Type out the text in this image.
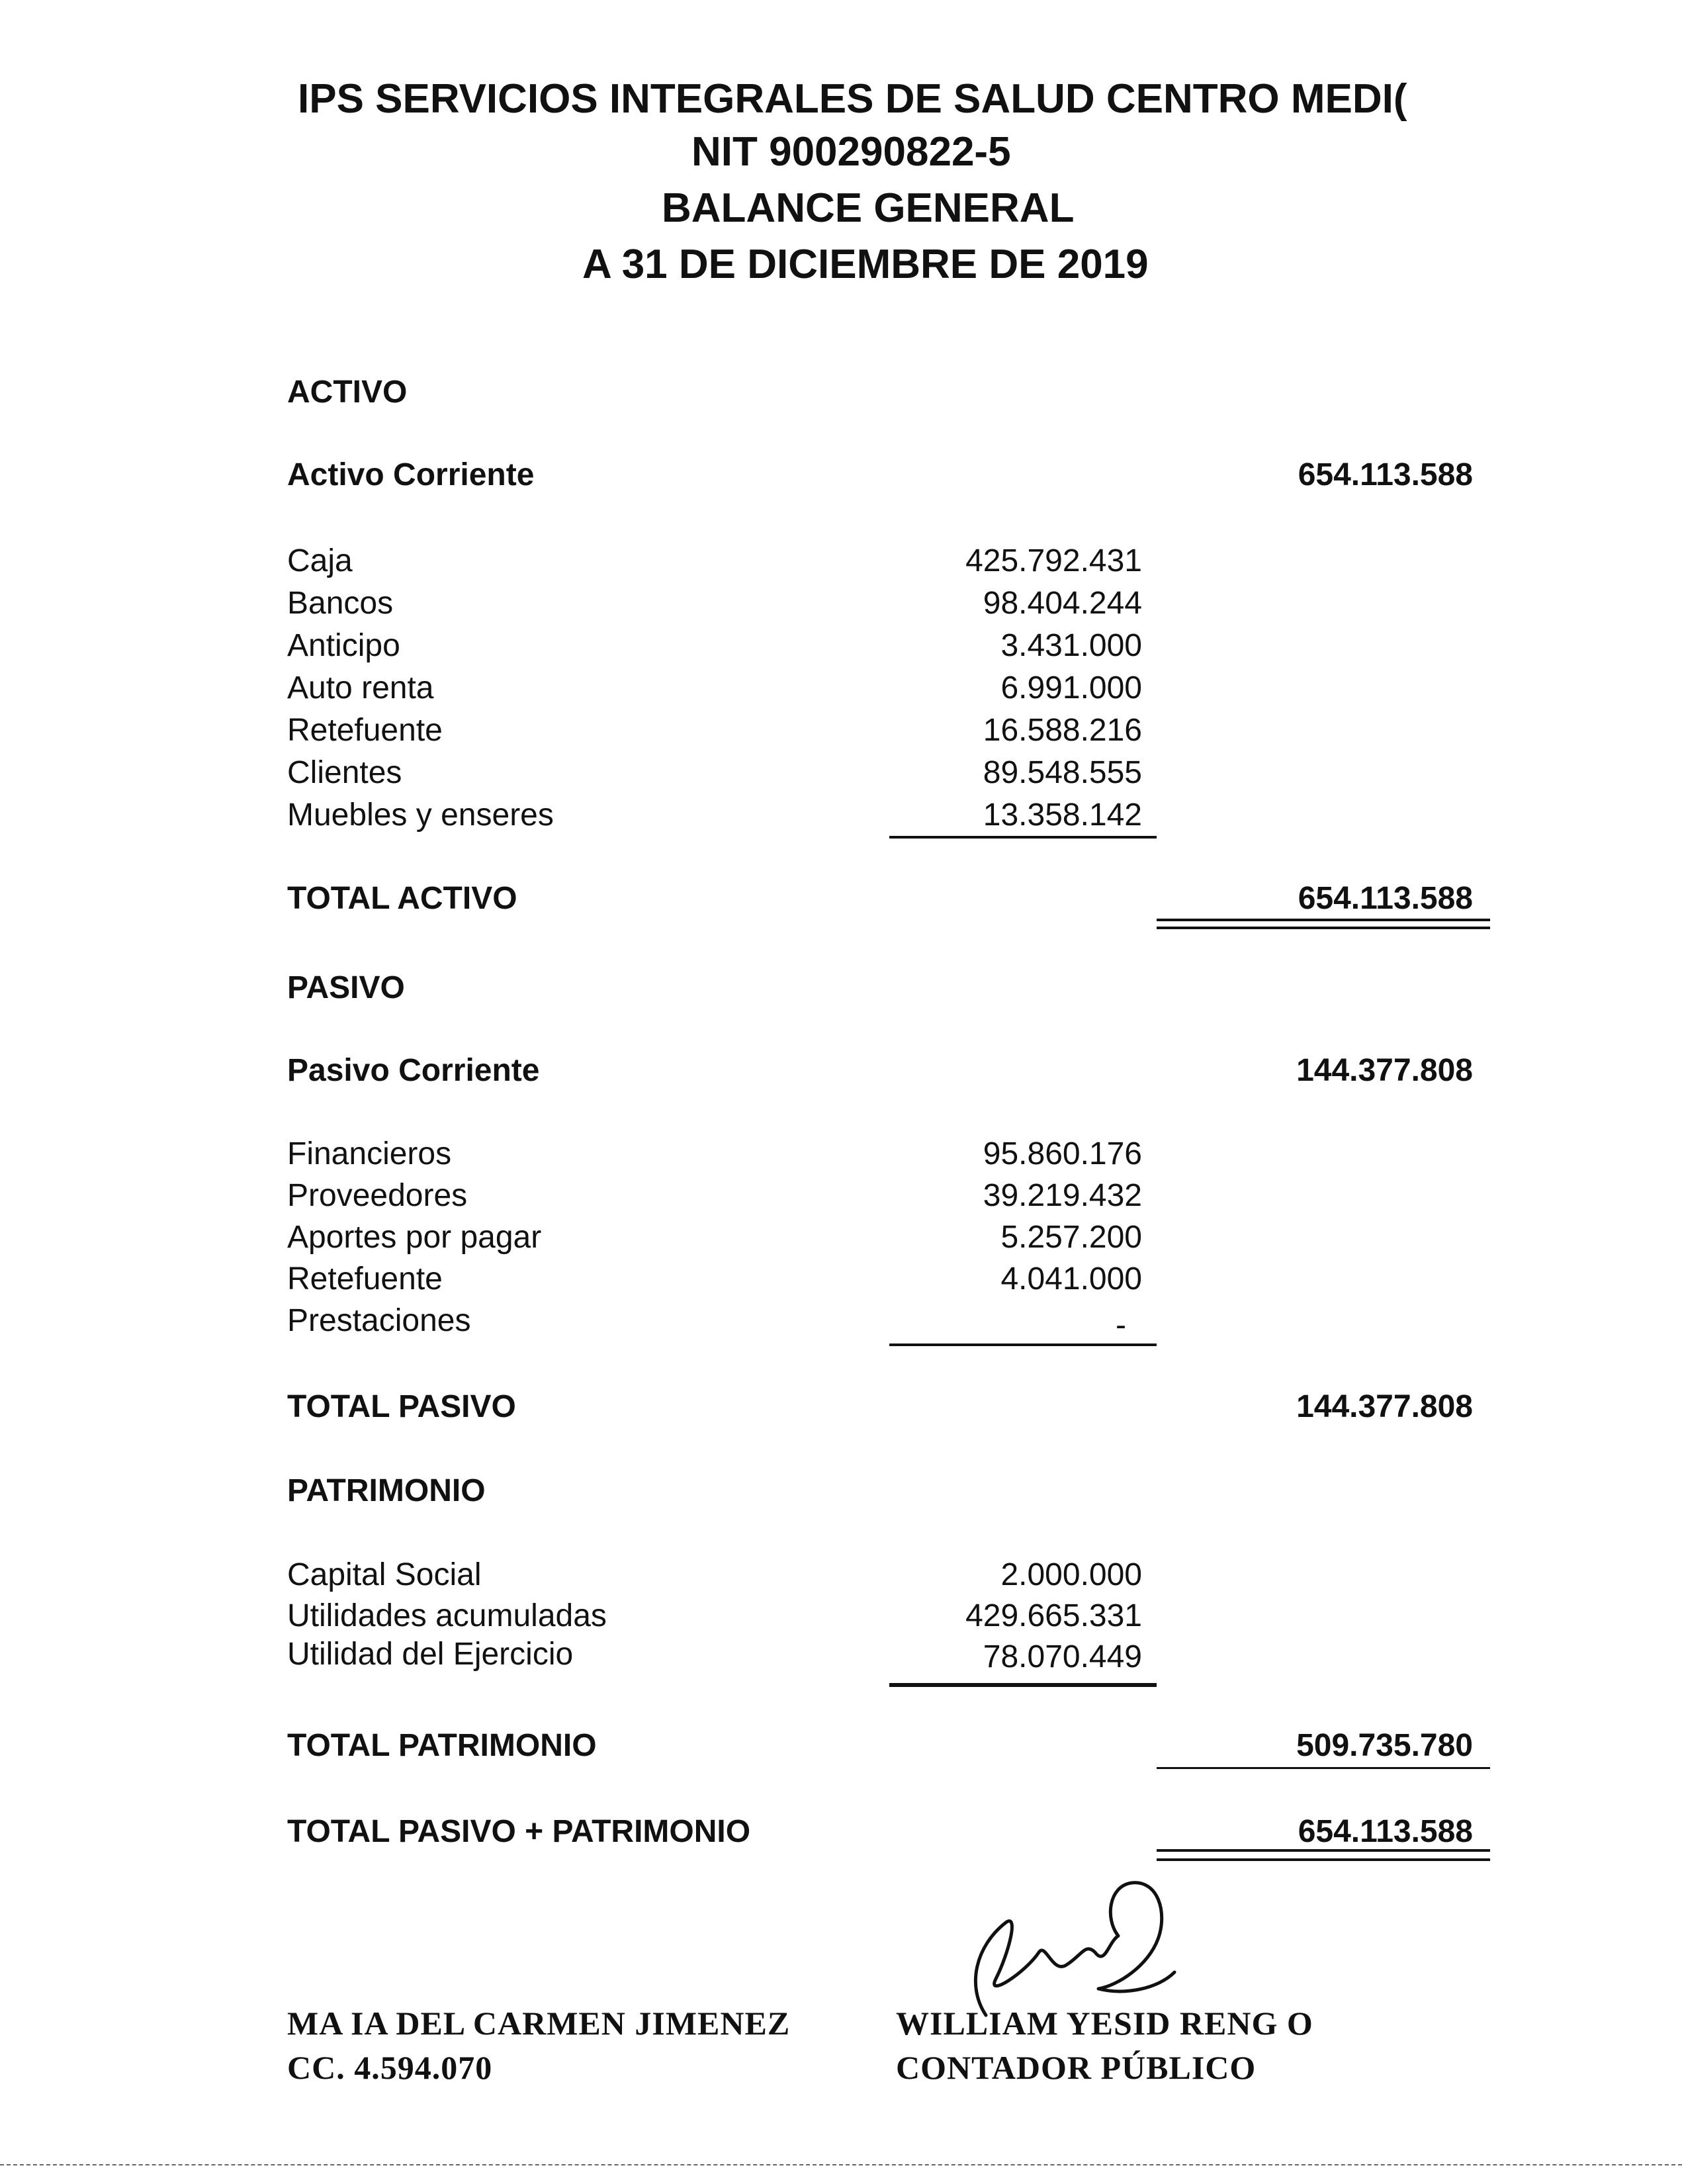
IPS SERVICIOS INTEGRALES DE SALUD CENTRO MEDI(
NIT 900290822-5
BALANCE GENERAL
A 31 DE DICIEMBRE DE 2019
ACTIVO
Activo Corriente	654.113.588
Caja	425.792.431
Bancos	98.404.244
Anticipo	3.431.000
Auto renta	6.991.000
Retefuente	16.588.216
Clientes	89.548.555
Muebles y enseres	13.358.142
TOTAL ACTIVO	654.113.588
PASIVO
Pasivo Corriente	144.377.808
Financieros	95.860.176
Proveedores	39.219.432
Aportes por pagar	5.257.200
Retefuente	4.041.000
Prestaciones	-
TOTAL PASIVO	144.377.808
PATRIMONIO
Capital Social	2.000.000
Utilidades acumuladas	429.665.331
Utilidad del Ejercicio	78.070.449
TOTAL PATRIMONIO	509.735.780
TOTAL PASIVO + PATRIMONIO	654.113.588
MA IA DEL CARMEN JIMENEZ
CC. 4.594.070
WILLIAM YESID RENG O
CONTADOR PÚBLICO
